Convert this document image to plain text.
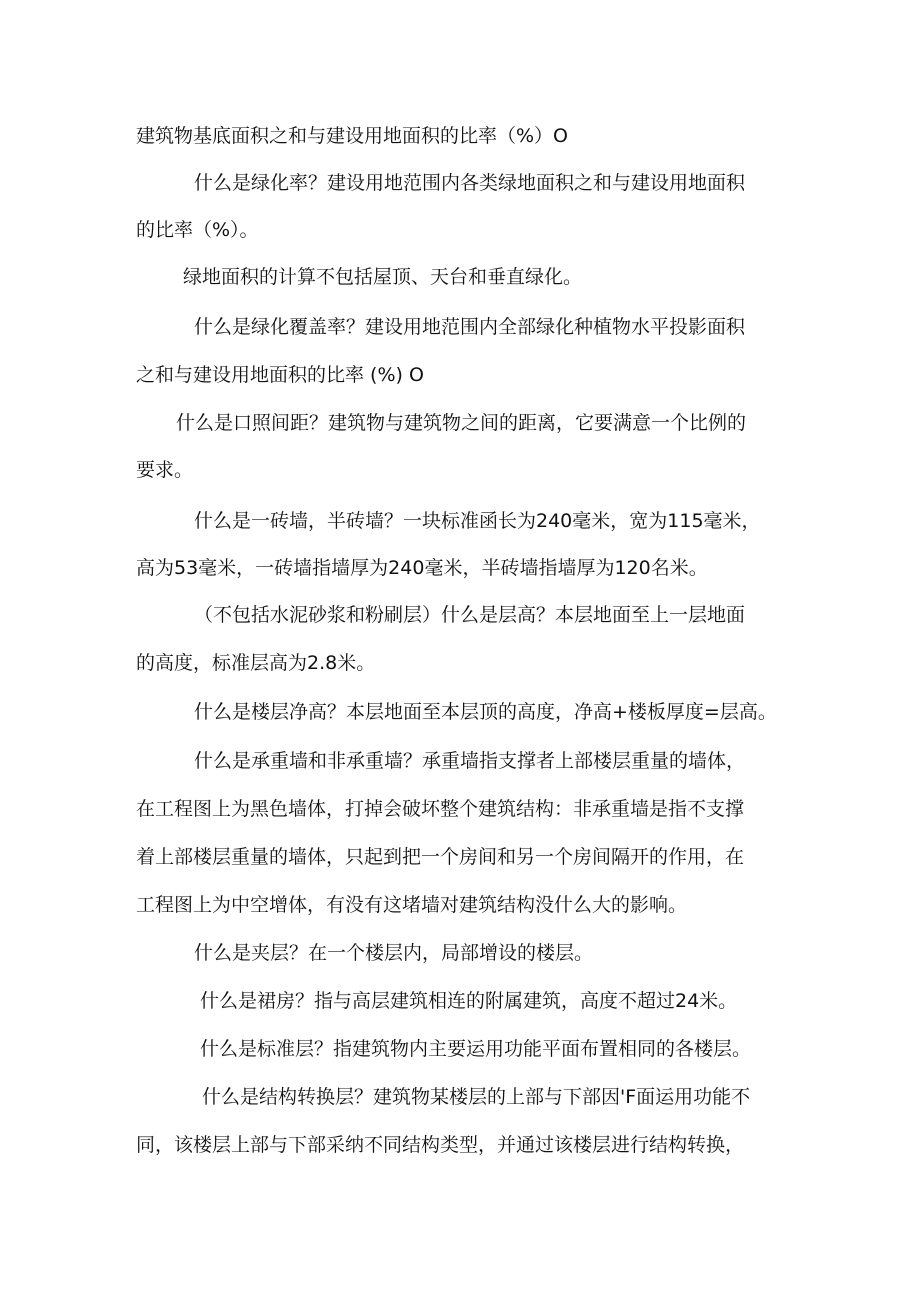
建筑物基底面积之和与建设用地面积的比率（%）O

什么是绿化率？建设用地范围内各类绿地面积之和与建设用地面积

的比率（%）。

绿地面积的计算不包括屋顶、天台和垂直绿化。

什么是绿化覆盖率？建设用地范围内全部绿化种植物水平投影面积

之和与建设用地面积的比率 (%) O

什么是口照间距？建筑物与建筑物之间的距离，它要满意一个比例的

要求。

什么是一砖墙，半砖墙？一块标准函长为240毫米，宽为115毫米，

高为53毫米，一砖墙指墙厚为240毫米，半砖墙指墙厚为120名米。

（不包括水泥砂浆和粉刷层）什么是层高？本层地面至上一层地面

的高度，标准层高为2.8米。

什么是楼层净高？本层地面至本层顶的高度，净高+楼板厚度=层高。

什么是承重墙和非承重墙？承重墙指支撑者上部楼层重量的墙体，

在工程图上为黑色墙体，打掉会破坏整个建筑结构：非承重墙是指不支撑

着上部楼层重量的墙体，只起到把一个房间和另一个房间隔开的作用，在

工程图上为中空增体，有没有这堵墙对建筑结构没什么大的影响。

什么是夹层？在一个楼层内，局部增设的楼层。

什么是裙房？指与高层建筑相连的附属建筑，高度不超过24米。

什么是标准层？指建筑物内主要运用功能平面布置相同的各楼层。

什么是结构转换层？建筑物某楼层的上部与下部因'F面运用功能不

同，该楼层上部与下部采纳不同结构类型，并通过该楼层进行结构转换，
